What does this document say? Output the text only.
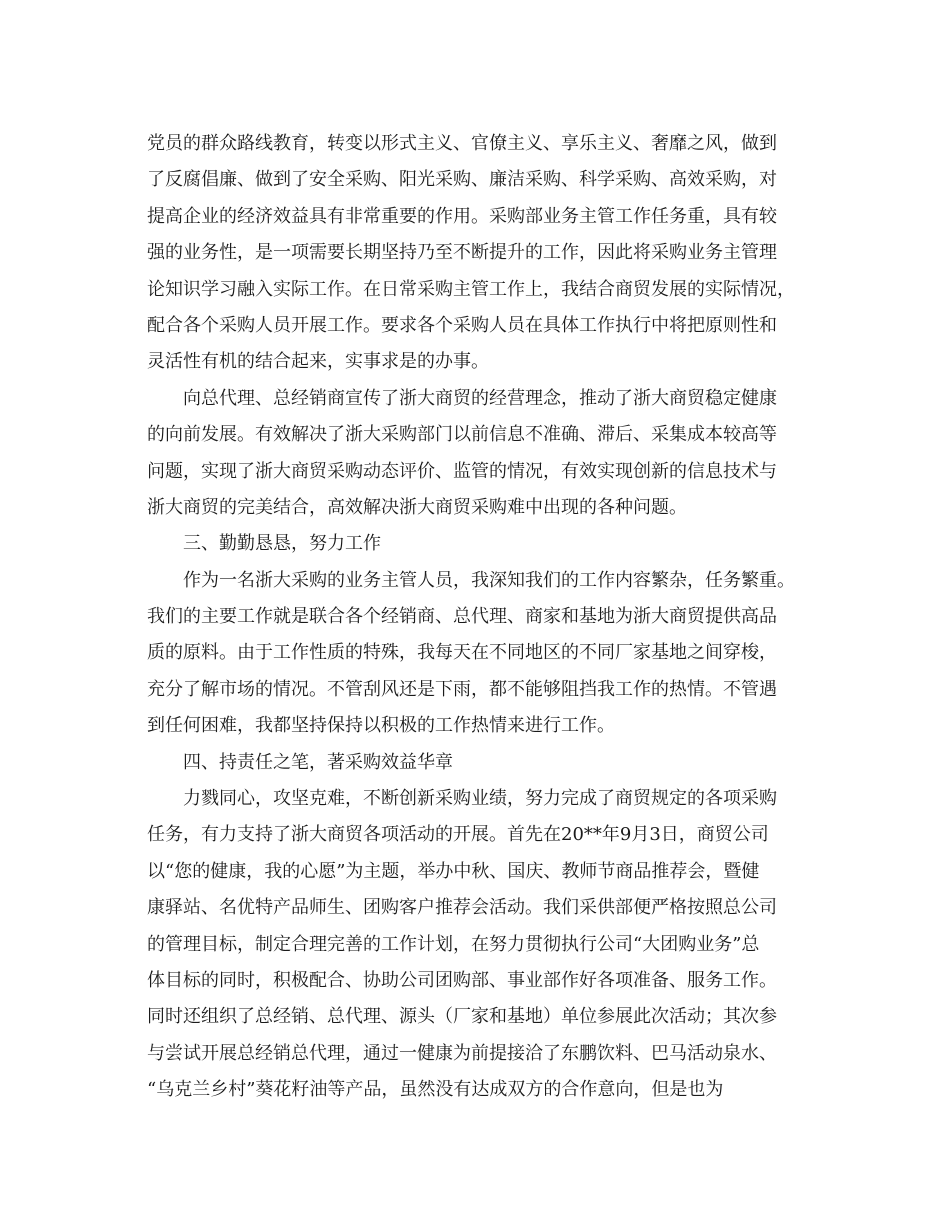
党员的群众路线教育，转变以形式主义、官僚主义、享乐主义、奢靡之风，做到
了反腐倡廉、做到了安全采购、阳光采购、廉洁采购、科学采购、高效采购，对
提高企业的经济效益具有非常重要的作用。采购部业务主管工作任务重，具有较
强的业务性，是一项需要长期坚持乃至不断提升的工作，因此将采购业务主管理
论知识学习融入实际工作。在日常采购主管工作上，我结合商贸发展的实际情况，
配合各个采购人员开展工作。要求各个采购人员在具体工作执行中将把原则性和
灵活性有机的结合起来，实事求是的办事。
向总代理、总经销商宣传了浙大商贸的经营理念，推动了浙大商贸稳定健康
的向前发展。有效解决了浙大采购部门以前信息不准确、滞后、采集成本较高等
问题，实现了浙大商贸采购动态评价、监管的情况，有效实现创新的信息技术与
浙大商贸的完美结合，高效解决浙大商贸采购难中出现的各种问题。
三、勤勤恳恳，努力工作
作为一名浙大采购的业务主管人员，我深知我们的工作内容繁杂，任务繁重。
我们的主要工作就是联合各个经销商、总代理、商家和基地为浙大商贸提供高品
质的原料。由于工作性质的特殊，我每天在不同地区的不同厂家基地之间穿梭，
充分了解市场的情况。不管刮风还是下雨，都不能够阻挡我工作的热情。不管遇
到任何困难，我都坚持保持以积极的工作热情来进行工作。
四、持责任之笔，著采购效益华章
力戮同心，攻坚克难，不断创新采购业绩，努力完成了商贸规定的各项采购
任务，有力支持了浙大商贸各项活动的开展。首先在20**年9月3日，商贸公司
以“您的健康，我的心愿”为主题，举办中秋、国庆、教师节商品推荐会，暨健
康驿站、名优特产品师生、团购客户推荐会活动。我们采供部便严格按照总公司
的管理目标，制定合理完善的工作计划，在努力贯彻执行公司“大团购业务”总
体目标的同时，积极配合、协助公司团购部、事业部作好各项准备、服务工作。
同时还组织了总经销、总代理、源头（厂家和基地）单位参展此次活动；其次参
与尝试开展总经销总代理，通过一健康为前提接洽了东鹏饮料、巴马活动泉水、
“乌克兰乡村”葵花籽油等产品，虽然没有达成双方的合作意向，但是也为
